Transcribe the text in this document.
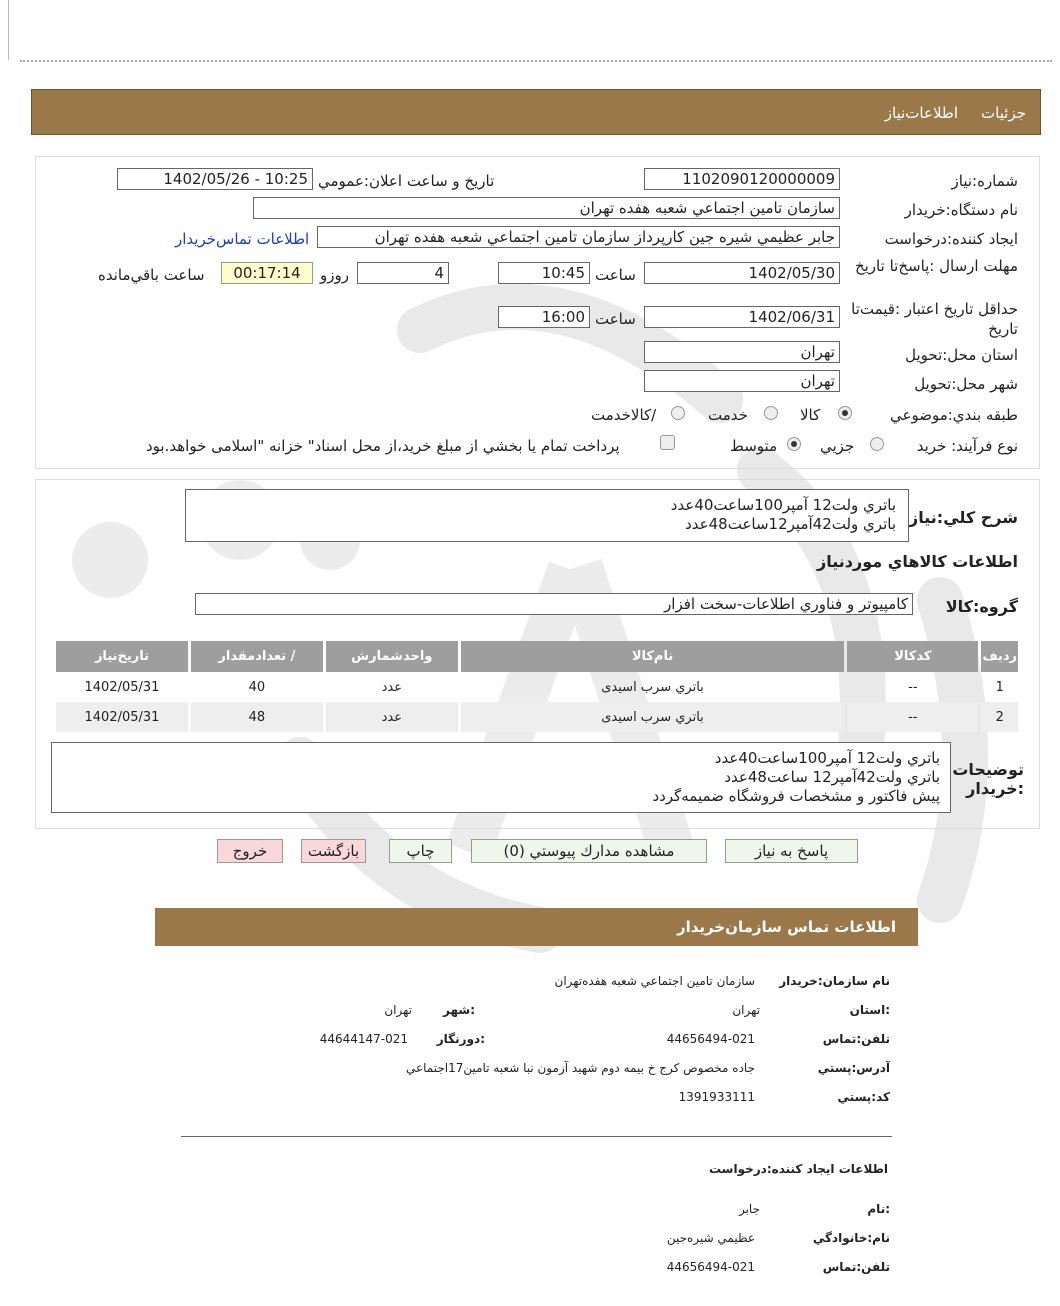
اطلاعات‌نياز جزئيات
شماره:نياز
1102090120000009
تاريخ و ساعت اعلان:عمومي
1402/05/26 - 10:25
نام دستگاه:خريدار
سازمان تامين اجتماعي شعبه هفده تهران
ايجاد كننده:درخواست
جابر عظيمي شيره جين كارپرداز سازمان تامين اجتماعي شعبه هفده تهران
اطلاعات تماس‌خريدار
مهلت ارسال :پاسخ‌تا تاريخ
1402/05/30
ساعت
10:45
4
روزو
00:17:14
ساعت باقي‌مانده
حداقل تاريخ اعتبار :قيمت‌تا تاريخ
1402/06/31
ساعت
16:00
استان محل:تحويل
تهران
شهر محل:تحويل
تهران
طبقه بندي:موضوعي
كالا
خدمت
/كالاخدمت
نوع فرآيند: خريد
جزيي
متوسط
پرداخت تمام يا بخشي از مبلغ خريد،از محل اسناد" خزانه "اسلامی خواهد.بود
شرح كلي:نياز
باتري ولت12 آمپر100ساعت40عدد
باتري ولت42آمپر12ساعت48عدد
اطلاعات كالاهاي موردنياز
گروه:كالا
كامپيوتر و فناوري اطلاعات-سخت افزار
رديف	كدكالا	نام‌كالا	واحدشمارش	/ تعدادمقدار	تاريخ‌نياز
1	--	باتري سرب اسيدی	عدد	40	1402/05/31
2	--	باتري سرب اسيدی	عدد	48	1402/05/31
توضيحات :خريدار
باتري ولت12 آمپر100ساعت40عدد
باتري ولت42آمپر12 ساعت48عدد
پيش فاكتور و مشخصات فروشگاه ضميمه‌گردد
پاسخ به نياز
مشاهده مدارك پيوستي (0)
چاپ
بازگشت
خروج
اطلاعات تماس سازمان‌خريدار
نام سازمان:خريدار
سازمان تامين اجتماعي شعبه هفده‌تهران
:استان
تهران
:شهر
تهران
تلفن:تماس
44656494-021
:دورنگار
44644147-021
آدرس:پستي
جاده مخصوص كرج خ بيمه دوم شهيد آزمون نبا شعبه تامين17اجتماعي
كد:پستي
1391933111
اطلاعات ايجاد كننده:درخواست
:نام
جابر
نام:خانوادگي
عظيمي شيره‌جين
تلفن:تماس
44656494-021
